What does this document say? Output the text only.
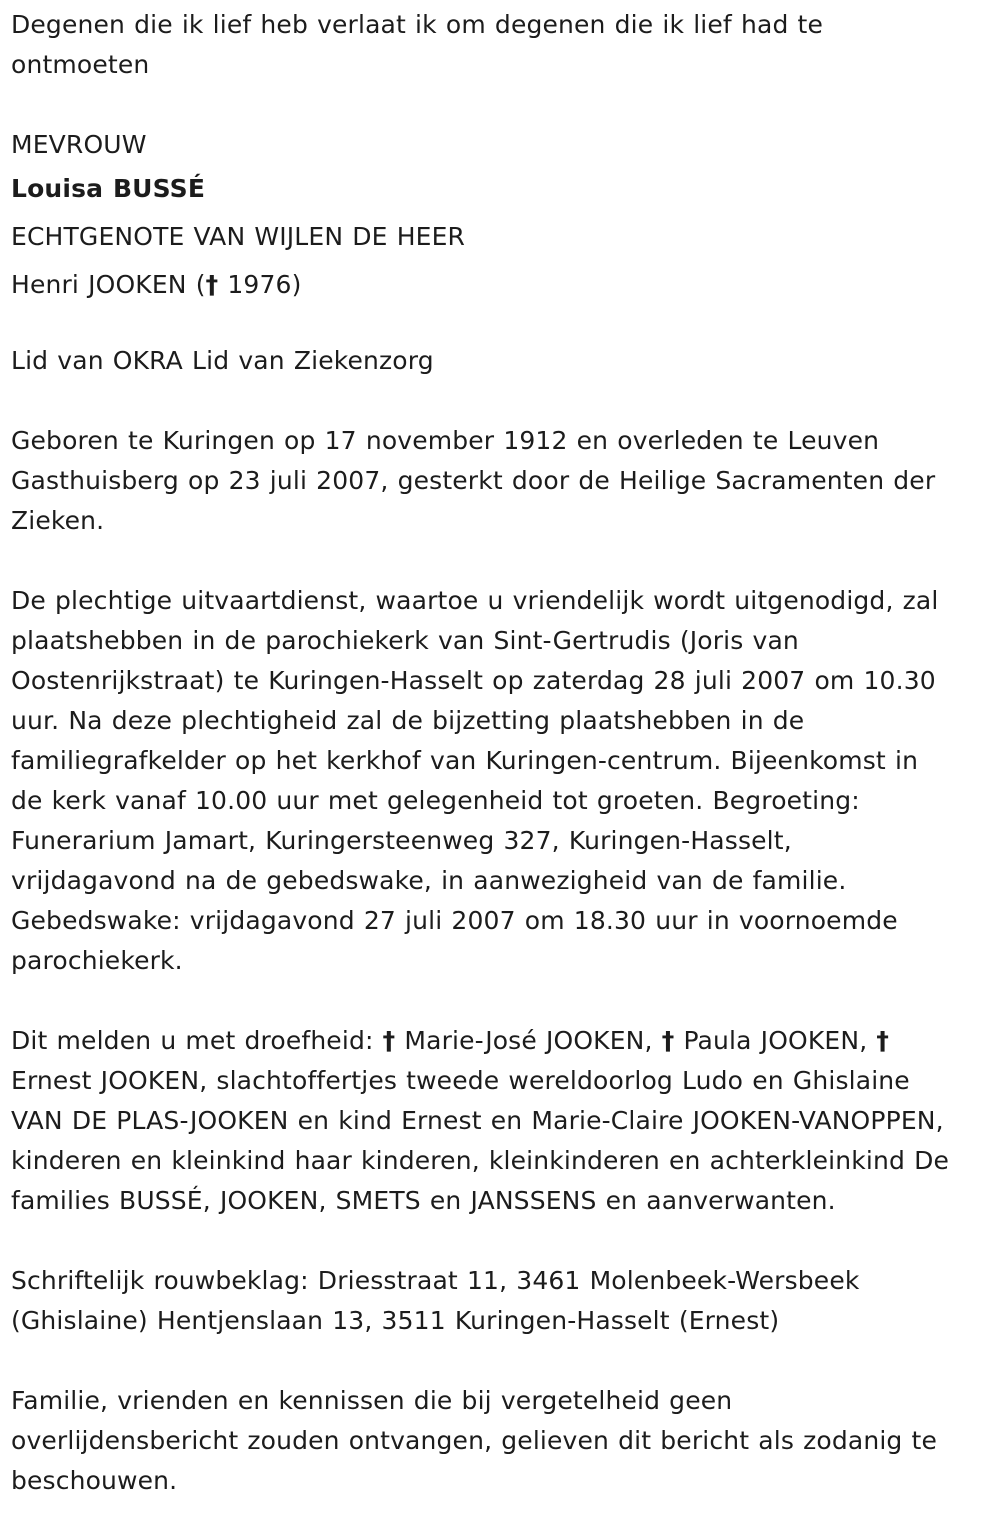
Degenen die ik lief heb verlaat ik om degenen die ik lief had te

ontmoeten

MEVROUW

Louisa BUSSÉ

ECHTGENOTE VAN WIJLEN DE HEER

Henri JOOKEN († 1976)

Lid van OKRA Lid van Ziekenzorg

Geboren te Kuringen op 17 november 1912 en overleden te Leuven

Gasthuisberg op 23 juli 2007, gesterkt door de Heilige Sacramenten der

Zieken.

De plechtige uitvaartdienst, waartoe u vriendelijk wordt uitgenodigd, zal

plaatshebben in de parochiekerk van Sint-Gertrudis (Joris van

Oostenrijkstraat) te Kuringen-Hasselt op zaterdag 28 juli 2007 om 10.30

uur. Na deze plechtigheid zal de bijzetting plaatshebben in de

familiegrafkelder op het kerkhof van Kuringen-centrum. Bijeenkomst in

de kerk vanaf 10.00 uur met gelegenheid tot groeten. Begroeting:

Funerarium Jamart, Kuringersteenweg 327, Kuringen-Hasselt,

vrijdagavond na de gebedswake, in aanwezigheid van de familie.

Gebedswake: vrijdagavond 27 juli 2007 om 18.30 uur in voornoemde

parochiekerk.

Dit melden u met droefheid: † Marie-José JOOKEN, † Paula JOOKEN, †

Ernest JOOKEN, slachtoffertjes tweede wereldoorlog Ludo en Ghislaine

VAN DE PLAS-JOOKEN en kind Ernest en Marie-Claire JOOKEN-VANOPPEN,

kinderen en kleinkind haar kinderen, kleinkinderen en achterkleinkind De

families BUSSÉ, JOOKEN, SMETS en JANSSENS en aanverwanten.

Schriftelijk rouwbeklag: Driesstraat 11, 3461 Molenbeek-Wersbeek

(Ghislaine) Hentjenslaan 13, 3511 Kuringen-Hasselt (Ernest)

Familie, vrienden en kennissen die bij vergetelheid geen

overlijdensbericht zouden ontvangen, gelieven dit bericht als zodanig te

beschouwen.
